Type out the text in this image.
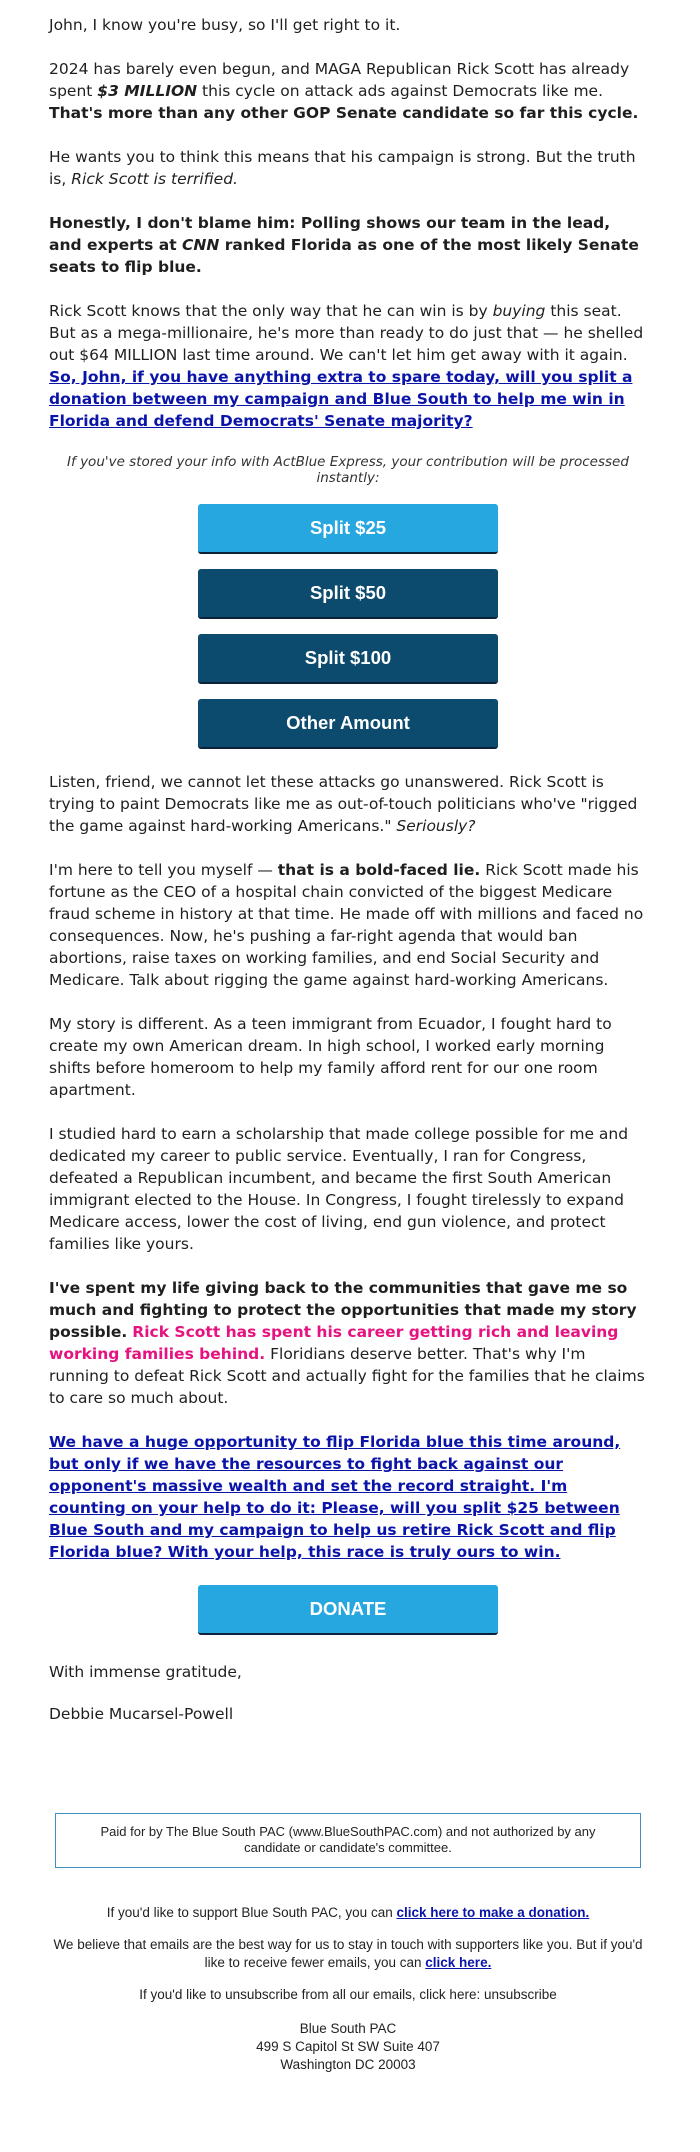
John, I know you're busy, so I'll get right to it.

2024 has barely even begun, and MAGA Republican Rick Scott has already spent $3 MILLION this cycle on attack ads against Democrats like me. That's more than any other GOP Senate candidate so far this cycle.

He wants you to think this means that his campaign is strong. But the truth is, Rick Scott is terrified.

Honestly, I don't blame him: Polling shows our team in the lead, and experts at CNN ranked Florida as one of the most likely Senate seats to flip blue.

Rick Scott knows that the only way that he can win is by buying this seat. But as a mega-millionaire, he's more than ready to do just that — he shelled out $64 MILLION last time around. We can't let him get away with it again. So, John, if you have anything extra to spare today, will you split a donation between my campaign and Blue South to help me win in Florida and defend Democrats' Senate majority?

If you've stored your info with ActBlue Express, your contribution will be processed instantly:
Split $25
Split $50
Split $100
Other Amount

Listen, friend, we cannot let these attacks go unanswered. Rick Scott is trying to paint Democrats like me as out-of-touch politicians who've "rigged the game against hard-working Americans." Seriously?

I'm here to tell you myself — that is a bold-faced lie. Rick Scott made his fortune as the CEO of a hospital chain convicted of the biggest Medicare fraud scheme in history at that time. He made off with millions and faced no consequences. Now, he's pushing a far-right agenda that would ban abortions, raise taxes on working families, and end Social Security and Medicare. Talk about rigging the game against hard-working Americans.

My story is different. As a teen immigrant from Ecuador, I fought hard to create my own American dream. In high school, I worked early morning shifts before homeroom to help my family afford rent for our one room apartment.

I studied hard to earn a scholarship that made college possible for me and dedicated my career to public service. Eventually, I ran for Congress, defeated a Republican incumbent, and became the first South American immigrant elected to the House. In Congress, I fought tirelessly to expand Medicare access, lower the cost of living, end gun violence, and protect families like yours.

I've spent my life giving back to the communities that gave me so much and fighting to protect the opportunities that made my story possible. Rick Scott has spent his career getting rich and leaving working families behind. Floridians deserve better. That's why I'm running to defeat Rick Scott and actually fight for the families that he claims to care so much about.

We have a huge opportunity to flip Florida blue this time around, but only if we have the resources to fight back against our opponent's massive wealth and set the record straight. I'm counting on your help to do it: Please, will you split $25 between Blue South and my campaign to help us retire Rick Scott and flip Florida blue? With your help, this race is truly ours to win.

DONATE

With immense gratitude,

Debbie Mucarsel-Powell

Paid for by The Blue South PAC (www.BlueSouthPAC.com) and not authorized by any candidate or candidate's committee.

If you'd like to support Blue South PAC, you can click here to make a donation.

We believe that emails are the best way for us to stay in touch with supporters like you. But if you'd like to receive fewer emails, you can click here.

If you'd like to unsubscribe from all our emails, click here: unsubscribe

Blue South PAC
499 S Capitol St SW Suite 407
Washington DC 20003
